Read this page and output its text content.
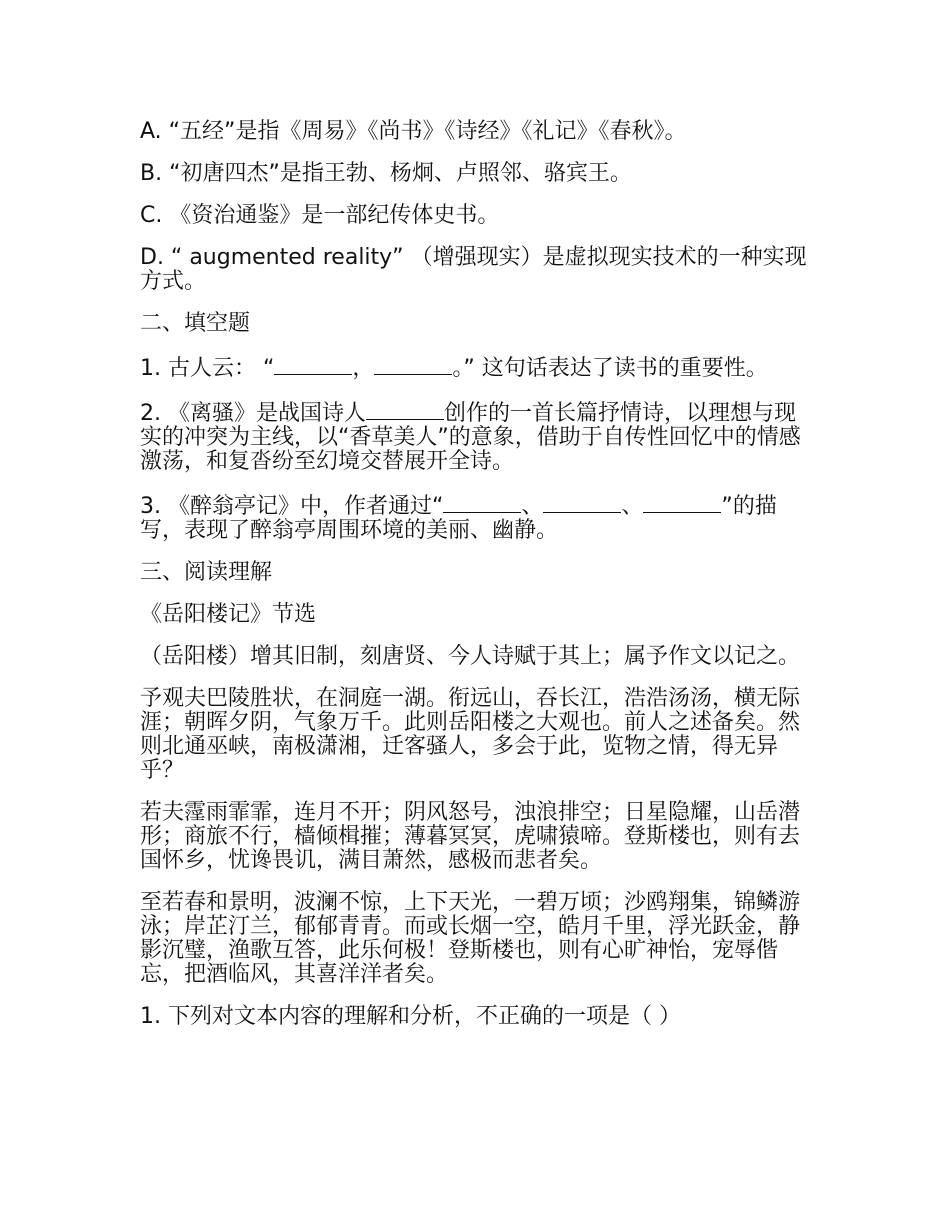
A. “五经”是指《周易》《尚书》《诗经》《礼记》《春秋》。

B. “初唐四杰”是指王勃、杨炯、卢照邻、骆宾王。

C. 《资治通鉴》是一部纪传体史书。

D. “ augmented reality” （增强现实）是虚拟现实技术的一种实现方式。

二、填空题

1. 古人云： “	，	。” 这句话表达了读书的重要性。

2. 《离骚》是战国诗人	创作的一首长篇抒情诗，以理想与现实的冲突为主线，以“香草美人”的意象，借助于自传性回忆中的情感激荡，和复沓纷至幻境交替展开全诗。

3. 《醉翁亭记》中，作者通过“	、	、	”的描写，表现了醉翁亭周围环境的美丽、幽静。

三、阅读理解

《岳阳楼记》节选

（岳阳楼）增其旧制，刻唐贤、今人诗赋于其上；属予作文以记之。

予观夫巴陵胜状，在洞庭一湖。衔远山，吞长江，浩浩汤汤，横无际涯；朝晖夕阴，气象万千。此则岳阳楼之大观也。前人之述备矣。然则北通巫峡，南极潇湘，迁客骚人，多会于此，览物之情，得无异乎？

若夫霪雨霏霏，连月不开；阴风怒号，浊浪排空；日星隐耀，山岳潜形；商旅不行，樯倾楫摧；薄暮冥冥，虎啸猿啼。登斯楼也，则有去国怀乡，忧谗畏讥，满目萧然，感极而悲者矣。

至若春和景明，波澜不惊，上下天光，一碧万顷；沙鸥翔集，锦鳞游泳；岸芷汀兰，郁郁青青。而或长烟一空，皓月千里，浮光跃金，静影沉璧，渔歌互答，此乐何极！登斯楼也，则有心旷神怡，宠辱偕忘，把酒临风，其喜洋洋者矣。

1. 下列对文本内容的理解和分析，不正确的一项是（ ）
